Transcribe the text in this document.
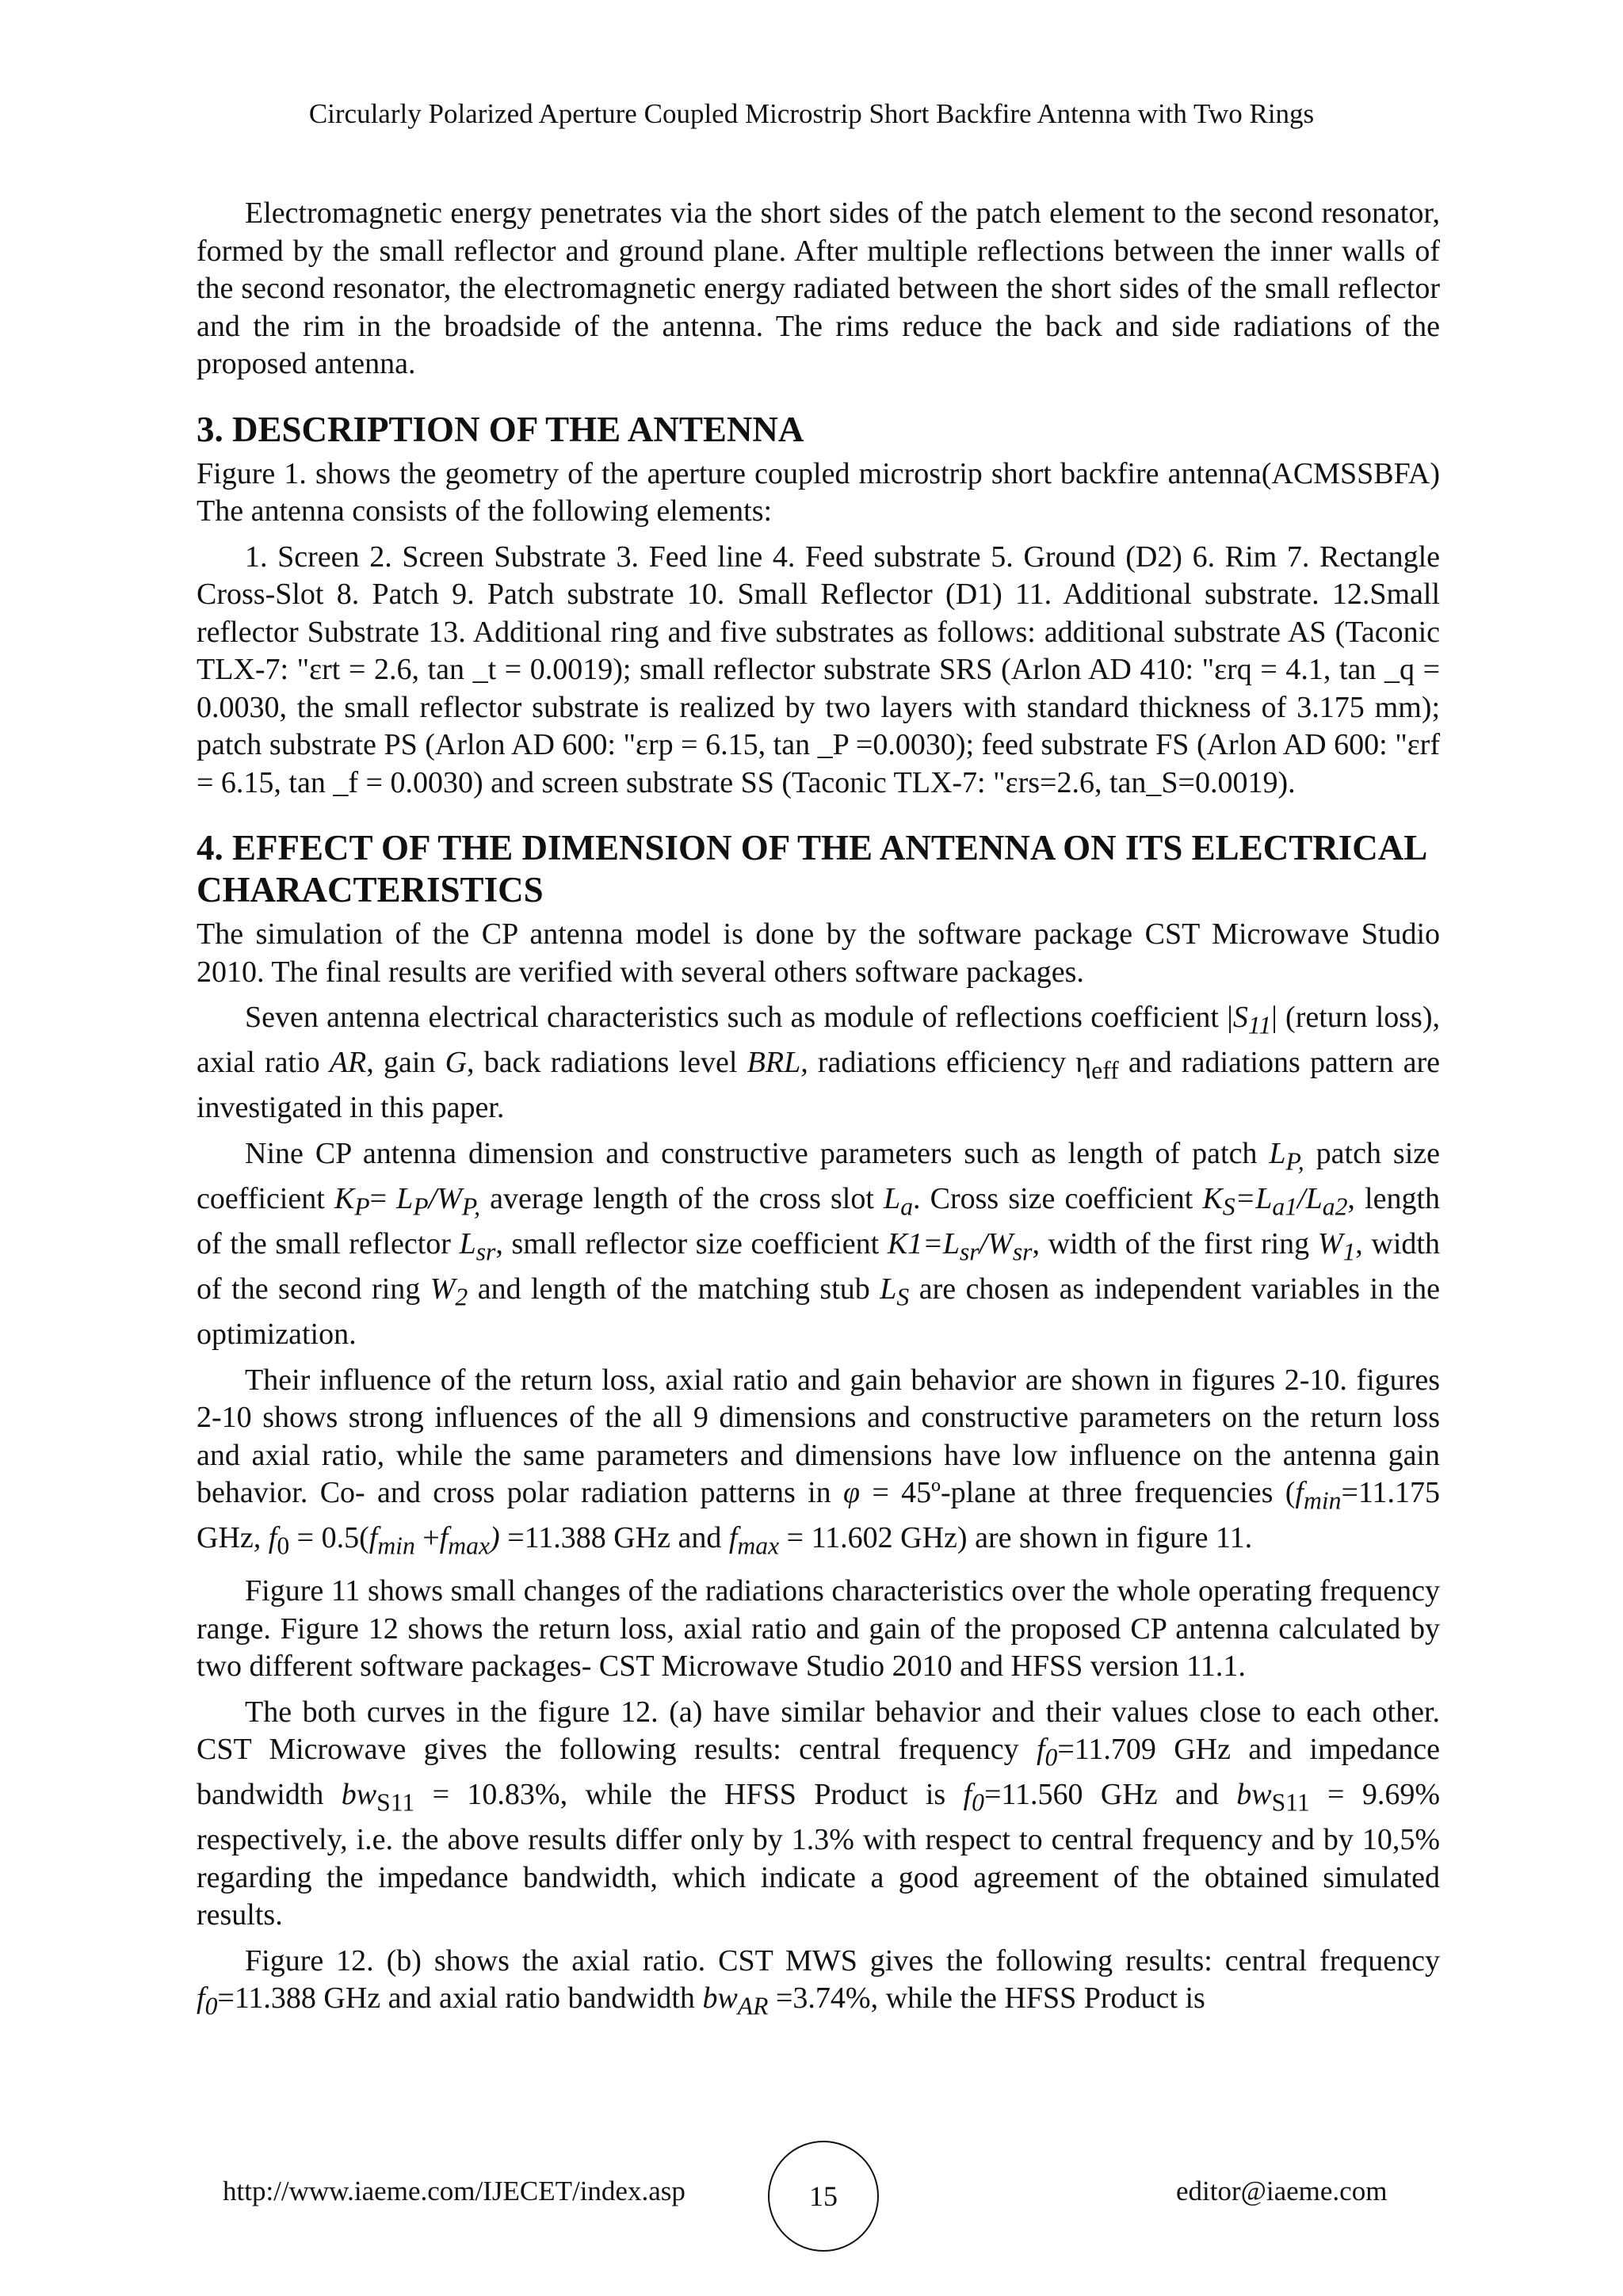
Circularly Polarized Aperture Coupled Microstrip Short Backfire Antenna with Two Rings

Electromagnetic energy penetrates via the short sides of the patch element to the second resonator, formed by the small reflector and ground plane. After multiple reflections between the inner walls of the second resonator, the electromagnetic energy radiated between the short sides of the small reflector and the rim in the broadside of the antenna. The rims reduce the back and side radiations of the proposed antenna.

3. DESCRIPTION OF THE ANTENNA

Figure 1. shows the geometry of the aperture coupled microstrip short backfire antenna(ACMSSBFA) The antenna consists of the following elements:

1. Screen 2. Screen Substrate 3. Feed line 4. Feed substrate 5. Ground (D2) 6. Rim 7. Rectangle Cross-Slot 8. Patch 9. Patch substrate 10. Small Reflector (D1) 11. Additional substrate. 12.Small reflector Substrate 13. Additional ring and five substrates as follows: additional substrate AS (Taconic TLX-7: "εrt = 2.6, tan _t = 0.0019); small reflector substrate SRS (Arlon AD 410: "εrq = 4.1, tan _q = 0.0030, the small reflector substrate is realized by two layers with standard thickness of 3.175 mm); patch substrate PS (Arlon AD 600: "εrp = 6.15, tan _P =0.0030); feed substrate FS (Arlon AD 600: "εrf = 6.15, tan _f = 0.0030) and screen substrate SS (Taconic TLX-7: "εrs=2.6, tan_S=0.0019).

4. EFFECT OF THE DIMENSION OF THE ANTENNA ON ITS ELECTRICAL CHARACTERISTICS

The simulation of the CP antenna model is done by the software package CST Microwave Studio 2010. The final results are verified with several others software packages.

Seven antenna electrical characteristics such as module of reflections coefficient $|S_{11}|$ (return loss), axial ratio AR, gain G, back radiations level BRL, radiations efficiency $\eta_{eff}$ and radiations pattern are investigated in this paper.

Nine CP antenna dimension and constructive parameters such as length of patch $L_{P,}$ patch size coefficient $K_P= L_P/W_{P,}$ average length of the cross slot $L_a$. Cross size coefficient $K_S=L_{a1}/L_{a2}$, length of the small reflector $L_{sr}$, small reflector size coefficient $K1=L_{sr}/W_{sr}$, width of the first ring $W_1$, width of the second ring $W_2$ and length of the matching stub $L_S$ are chosen as independent variables in the optimization.

Their influence of the return loss, axial ratio and gain behavior are shown in figures 2-10. figures 2-10 shows strong influences of the all 9 dimensions and constructive parameters on the return loss and axial ratio, while the same parameters and dimensions have low influence on the antenna gain behavior. Co- and cross polar radiation patterns in φ = 45º-plane at three frequencies ($f_{min}=11.175$ GHz, $f_0 = 0.5(f_{min} +f_{max}) =11.388$ GHz and $f_{max} = 11.602$ GHz) are shown in figure 11.

Figure 11 shows small changes of the radiations characteristics over the whole operating frequency range. Figure 12 shows the return loss, axial ratio and gain of the proposed CP antenna calculated by two different software packages- CST Microwave Studio 2010 and HFSS version 11.1.

The both curves in the figure 12. (a) have similar behavior and their values close to each other. CST Microwave gives the following results: central frequency $f_0=11.709$ GHz and impedance bandwidth $bw_{S11} = 10.83\%$, while the HFSS Product is $f_0=11.560$ GHz and $bw_{S11} = 9.69\%$ respectively, i.e. the above results differ only by 1.3% with respect to central frequency and by 10,5% regarding the impedance bandwidth, which indicate a good agreement of the obtained simulated results.

Figure 12. (b) shows the axial ratio. CST MWS gives the following results: central frequency $f_0=11.388$ GHz and axial ratio bandwidth $bw_{AR} =3.74\%$, while the HFSS Product is

http://www.iaeme.com/IJECET/index.asp	15	editor@iaeme.com
